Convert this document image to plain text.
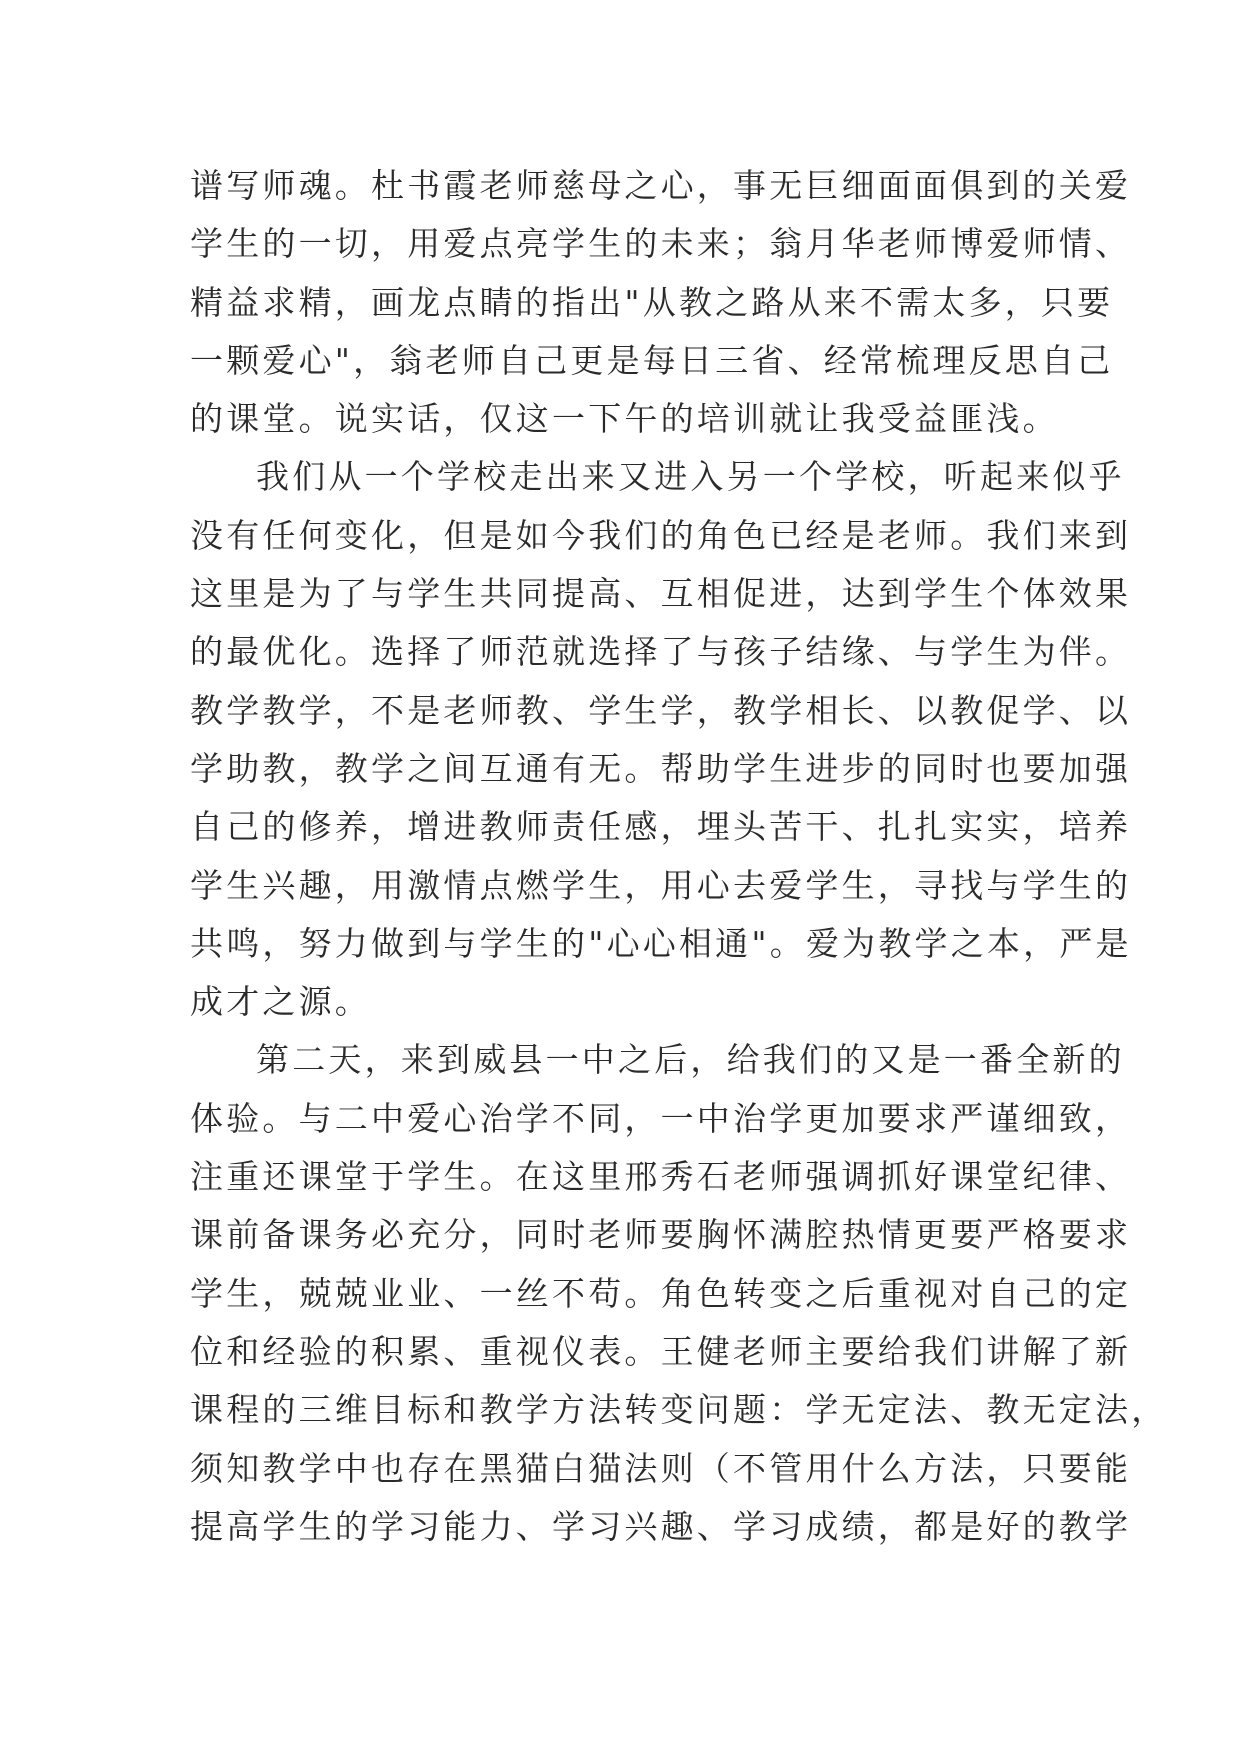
谱写师魂。杜书霞老师慈母之心，事无巨细面面俱到的关爱
学生的一切，用爱点亮学生的未来；翁月华老师博爱师情、
精益求精，画龙点睛的指出"从教之路从来不需太多，只要
一颗爱心"，翁老师自己更是每日三省、经常梳理反思自己
的课堂。说实话，仅这一下午的培训就让我受益匪浅。
我们从一个学校走出来又进入另一个学校，听起来似乎
没有任何变化，但是如今我们的角色已经是老师。我们来到
这里是为了与学生共同提高、互相促进，达到学生个体效果
的最优化。选择了师范就选择了与孩子结缘、与学生为伴。
教学教学，不是老师教、学生学，教学相长、以教促学、以
学助教，教学之间互通有无。帮助学生进步的同时也要加强
自己的修养，增进教师责任感，埋头苦干、扎扎实实，培养
学生兴趣，用激情点燃学生，用心去爱学生，寻找与学生的
共鸣，努力做到与学生的"心心相通"。爱为教学之本，严是
成才之源。
第二天，来到威县一中之后，给我们的又是一番全新的
体验。与二中爱心治学不同，一中治学更加要求严谨细致，
注重还课堂于学生。在这里邢秀石老师强调抓好课堂纪律、
课前备课务必充分，同时老师要胸怀满腔热情更要严格要求
学生，兢兢业业、一丝不苟。角色转变之后重视对自己的定
位和经验的积累、重视仪表。王健老师主要给我们讲解了新
课程的三维目标和教学方法转变问题：学无定法、教无定法，
须知教学中也存在黑猫白猫法则（不管用什么方法，只要能
提高学生的学习能力、学习兴趣、学习成绩，都是好的教学
